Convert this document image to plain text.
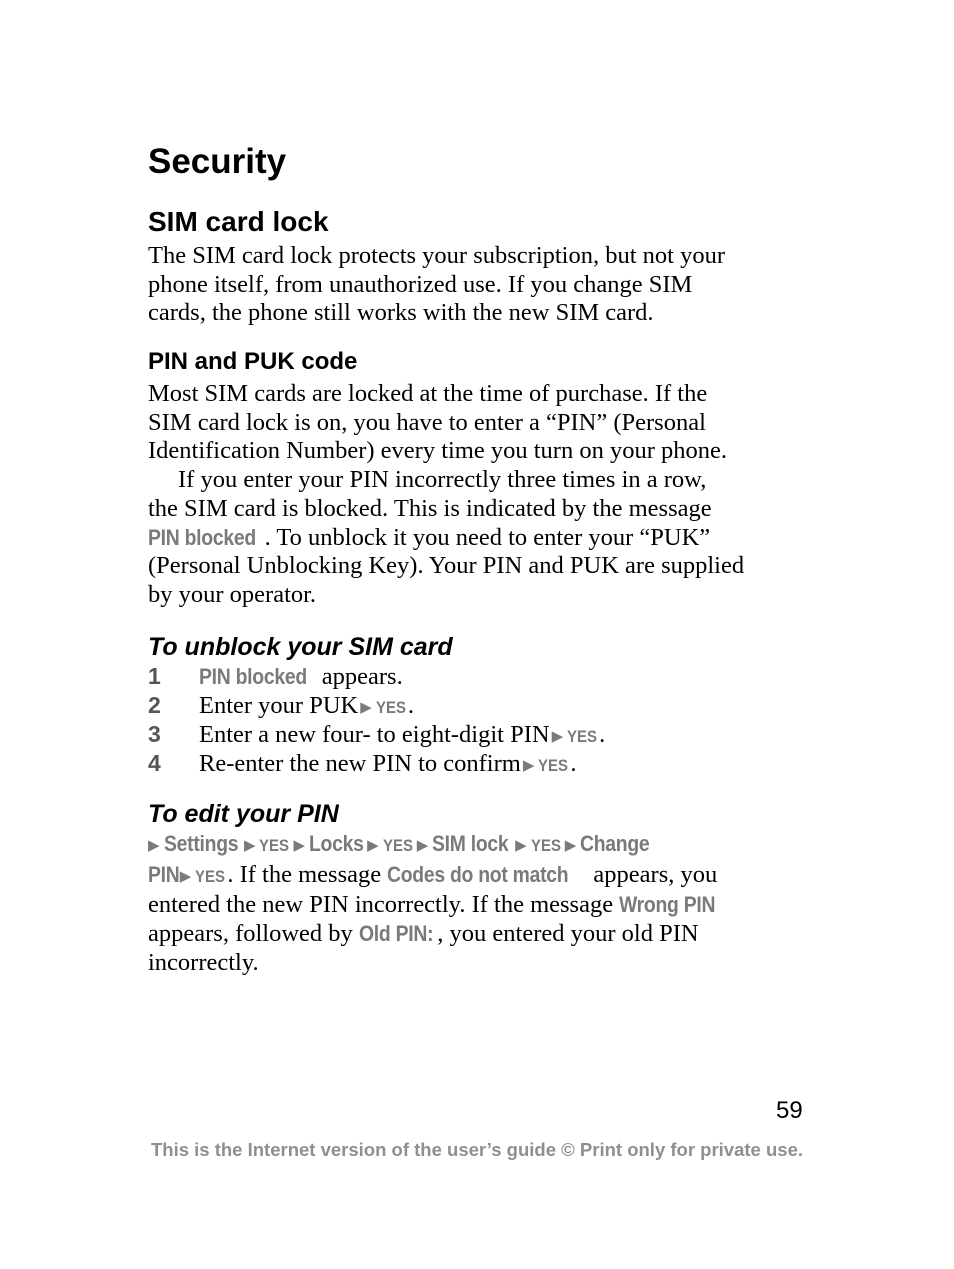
Security
SIM card lock
The SIM card lock protects your subscription, but not your
phone itself, from unauthorized use. If you change SIM
cards, the phone still works with the new SIM card.
PIN and PUK code
Most SIM cards are locked at the time of purchase. If the
SIM card lock is on, you have to enter a “PIN” (Personal
Identification Number) every time you turn on your phone.
If you enter your PIN incorrectly three times in a row,
the SIM card is blocked. This is indicated by the message
PIN blocked . To unblock it you need to enter your “PUK”
(Personal Unblocking Key). Your PIN and PUK are supplied
by your operator.
To unblock your SIM card
1 PIN blocked appears.
2 Enter your PUK ▶ YES.
3 Enter a new four- to eight-digit PIN ▶ YES.
4 Re-enter the new PIN to confirm ▶ YES.
To edit your PIN
▶ Settings ▶ YES ▶ Locks ▶ YES ▶ SIM lock ▶ YES ▶ Change
PIN▶ YES. If the message Codes do not match appears, you
entered the new PIN incorrectly. If the message Wrong PIN
appears, followed by Old PIN: , you entered your old PIN
incorrectly.
59
This is the Internet version of the user’s guide © Print only for private use.
